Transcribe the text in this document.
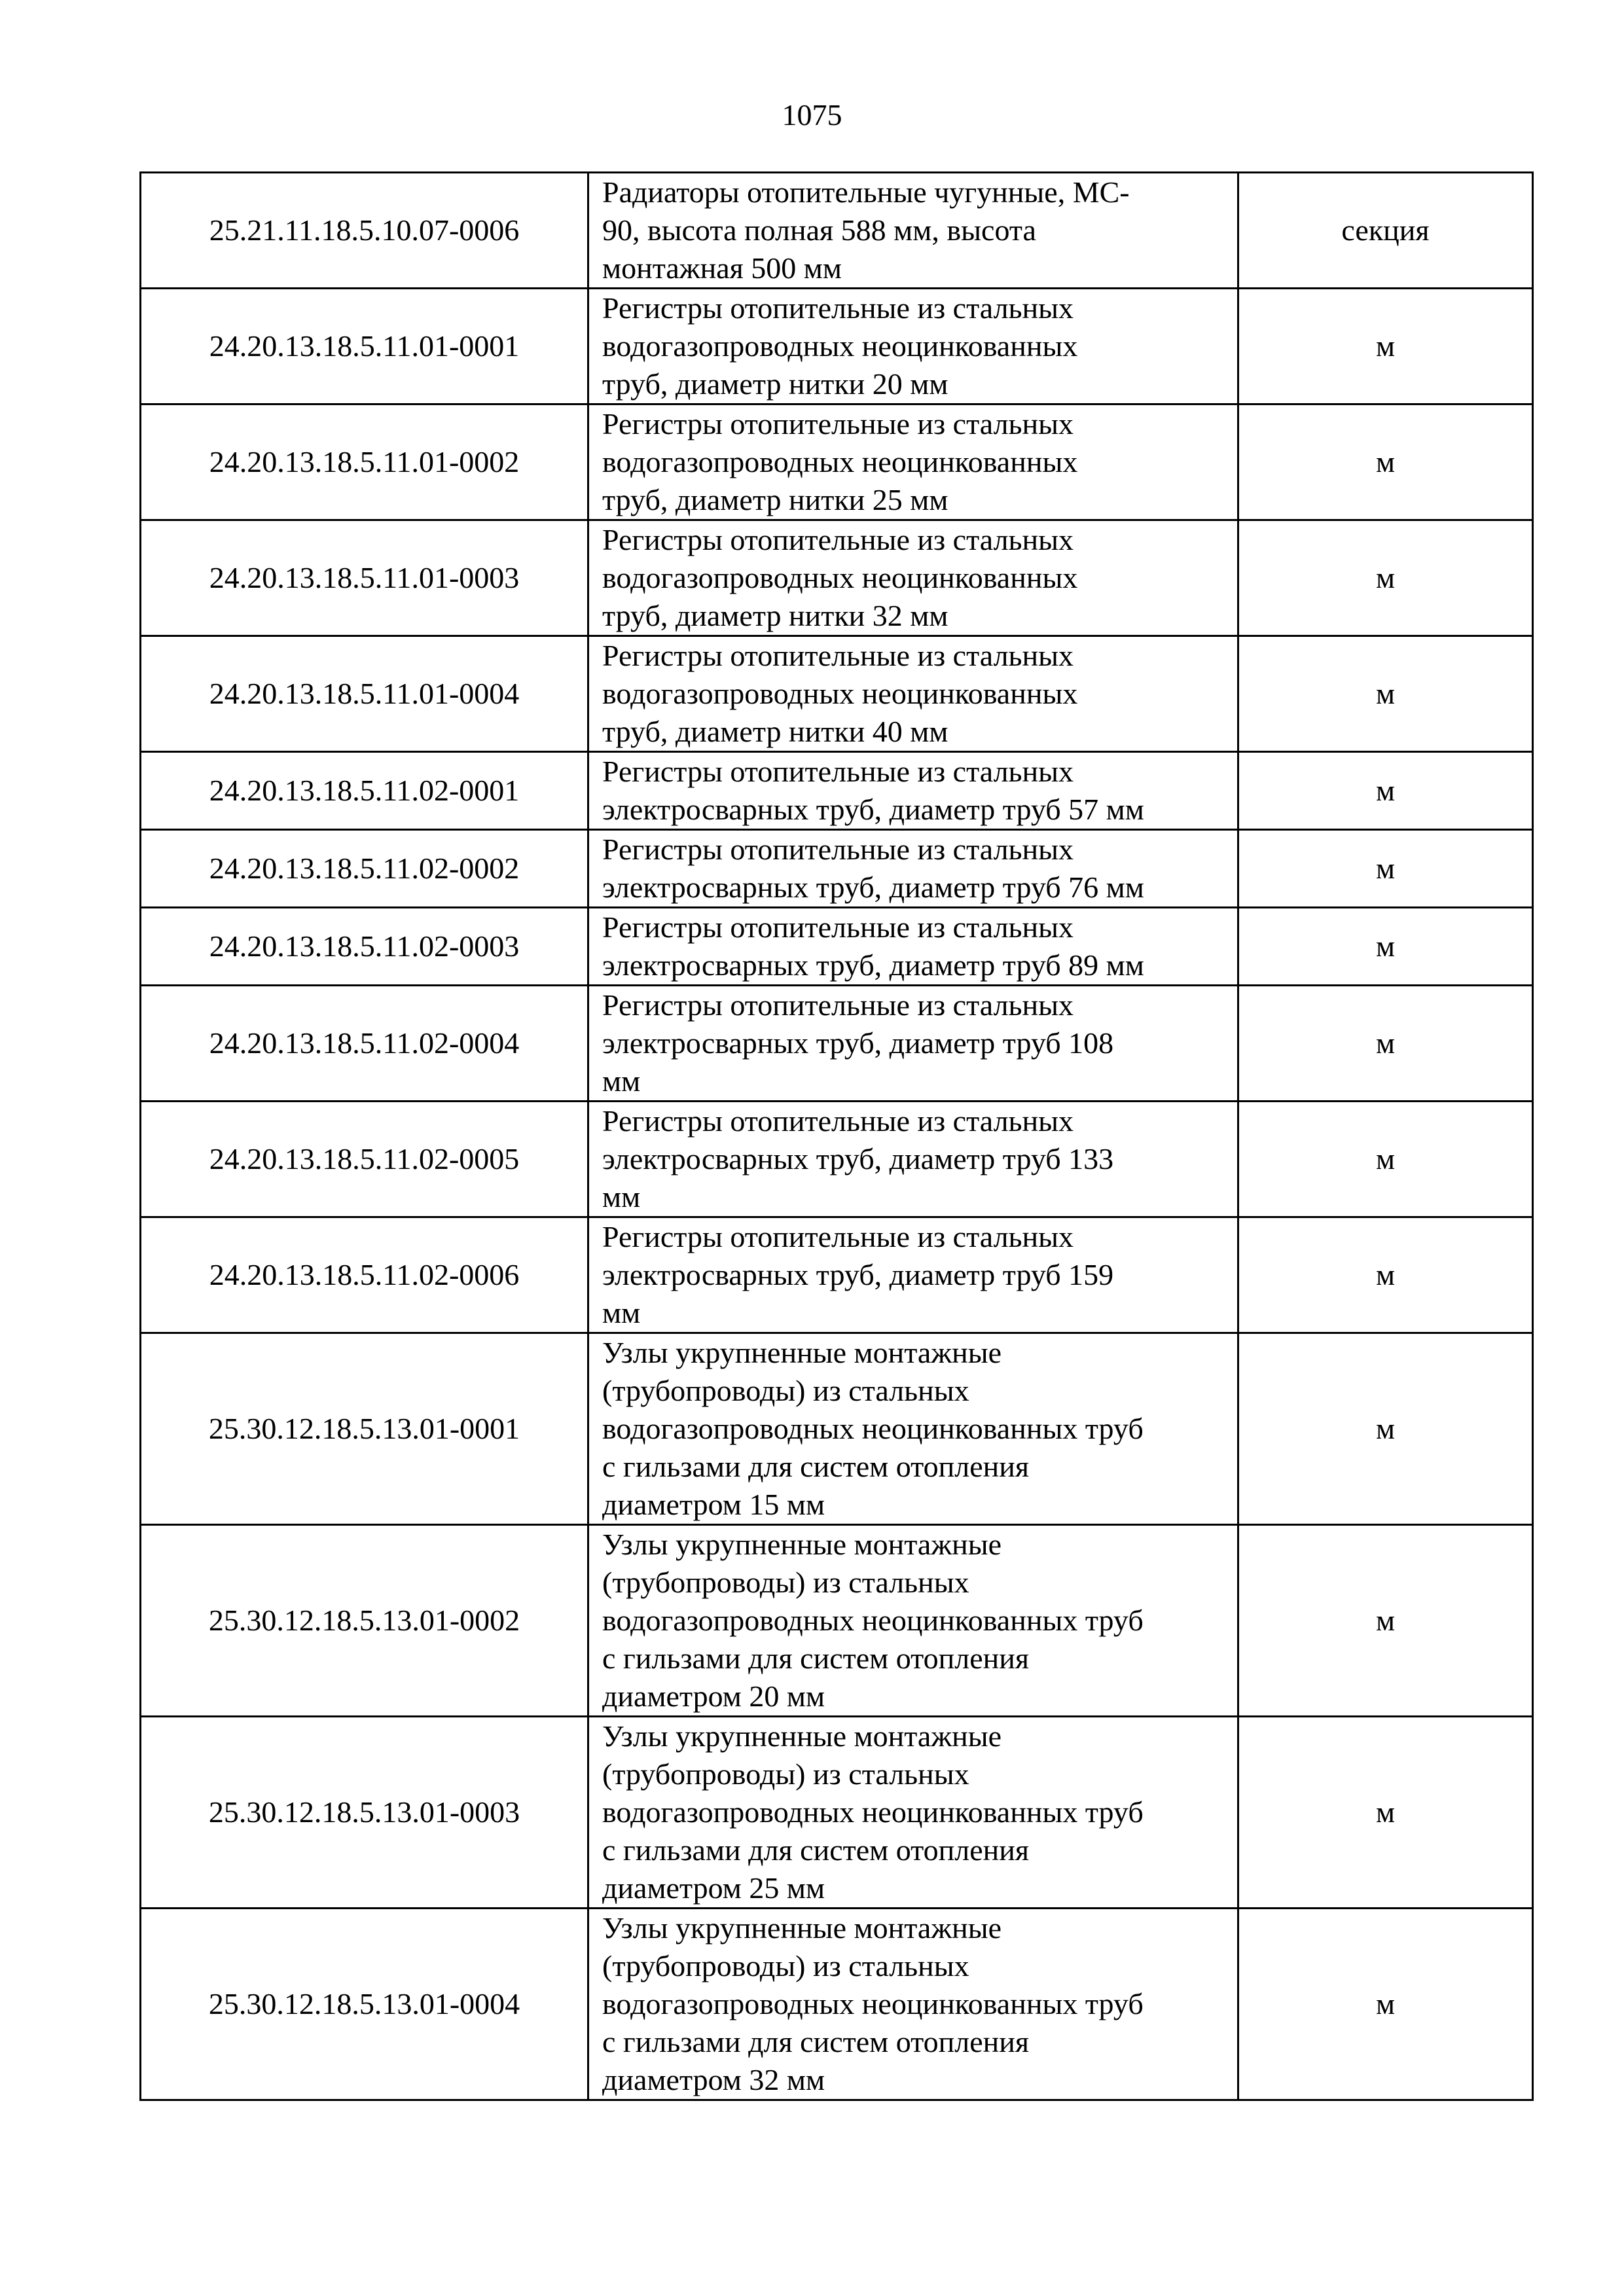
1075
25.21.11.18.5.10.07-0006	Радиаторы отопительные чугунные, МС-
90, высота полная 588 мм, высота
монтажная 500 мм	секция
24.20.13.18.5.11.01-0001	Регистры отопительные из стальных
водогазопроводных неоцинкованных
труб, диаметр нитки 20 мм	м
24.20.13.18.5.11.01-0002	Регистры отопительные из стальных
водогазопроводных неоцинкованных
труб, диаметр нитки 25 мм	м
24.20.13.18.5.11.01-0003	Регистры отопительные из стальных
водогазопроводных неоцинкованных
труб, диаметр нитки 32 мм	м
24.20.13.18.5.11.01-0004	Регистры отопительные из стальных
водогазопроводных неоцинкованных
труб, диаметр нитки 40 мм	м
24.20.13.18.5.11.02-0001	Регистры отопительные из стальных
электросварных труб, диаметр труб 57 мм	м
24.20.13.18.5.11.02-0002	Регистры отопительные из стальных
электросварных труб, диаметр труб 76 мм	м
24.20.13.18.5.11.02-0003	Регистры отопительные из стальных
электросварных труб, диаметр труб 89 мм	м
24.20.13.18.5.11.02-0004	Регистры отопительные из стальных
электросварных труб, диаметр труб 108
мм	м
24.20.13.18.5.11.02-0005	Регистры отопительные из стальных
электросварных труб, диаметр труб 133
мм	м
24.20.13.18.5.11.02-0006	Регистры отопительные из стальных
электросварных труб, диаметр труб 159
мм	м
25.30.12.18.5.13.01-0001	Узлы укрупненные монтажные
(трубопроводы) из стальных
водогазопроводных неоцинкованных труб
с гильзами для систем отопления
диаметром 15 мм	м
25.30.12.18.5.13.01-0002	Узлы укрупненные монтажные
(трубопроводы) из стальных
водогазопроводных неоцинкованных труб
с гильзами для систем отопления
диаметром 20 мм	м
25.30.12.18.5.13.01-0003	Узлы укрупненные монтажные
(трубопроводы) из стальных
водогазопроводных неоцинкованных труб
с гильзами для систем отопления
диаметром 25 мм	м
25.30.12.18.5.13.01-0004	Узлы укрупненные монтажные
(трубопроводы) из стальных
водогазопроводных неоцинкованных труб
с гильзами для систем отопления
диаметром 32 мм	м
